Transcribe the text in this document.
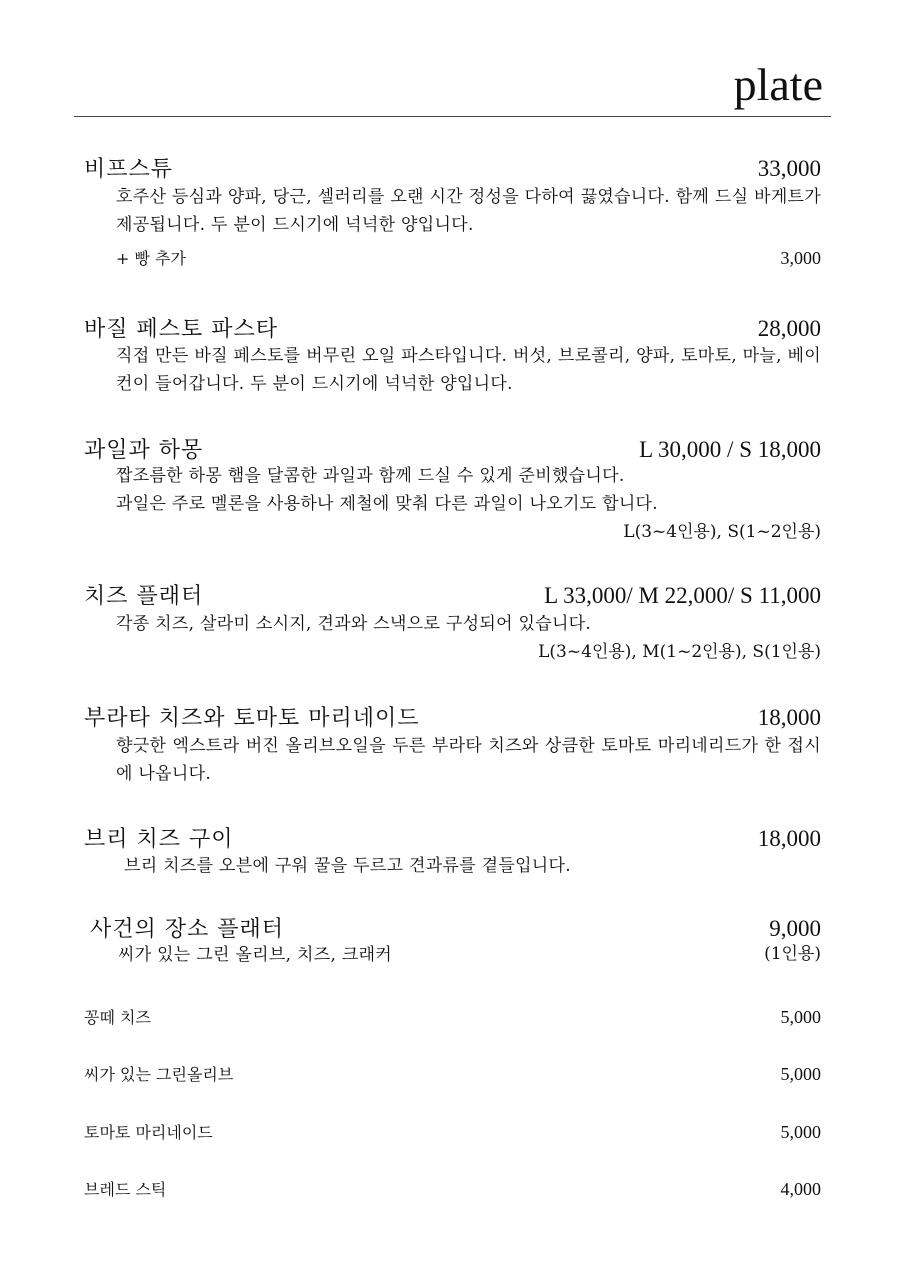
plate
비프스튜	33,000
호주산 등심과 양파, 당근, 셀러리를 오랜 시간 정성을 다하여 끓였습니다. 함께 드실 바게트가 제공됩니다. 두 분이 드시기에 넉넉한 양입니다.
+ 빵 추가	3,000
바질 페스토 파스타	28,000
직접 만든 바질 페스토를 버무린 오일 파스타입니다. 버섯, 브로콜리, 양파, 토마토, 마늘, 베이컨이 들어갑니다. 두 분이 드시기에 넉넉한 양입니다.
과일과 하몽	L 30,000 / S 18,000
짭조름한 하몽 햄을 달콤한 과일과 함께 드실 수 있게 준비했습니다.
과일은 주로 멜론을 사용하나 제철에 맞춰 다른 과일이 나오기도 합니다.
L(3~4인용), S(1~2인용)
치즈 플래터	L 33,000/ M 22,000/ S 11,000
각종 치즈, 살라미 소시지, 견과와 스낵으로 구성되어 있습니다.
L(3~4인용), M(1~2인용), S(1인용)
부라타 치즈와 토마토 마리네이드	18,000
향긋한 엑스트라 버진 올리브오일을 두른 부라타 치즈와 상큼한 토마토 마리네리드가 한 접시에 나옵니다.
브리 치즈 구이	18,000
브리 치즈를 오븐에 구워 꿀을 두르고 견과류를 곁들입니다.
사건의 장소 플래터	9,000
씨가 있는 그린 올리브, 치즈, 크래커	(1인용)
꽁떼 치즈	5,000
씨가 있는 그린올리브	5,000
토마토 마리네이드	5,000
브레드 스틱	4,000
